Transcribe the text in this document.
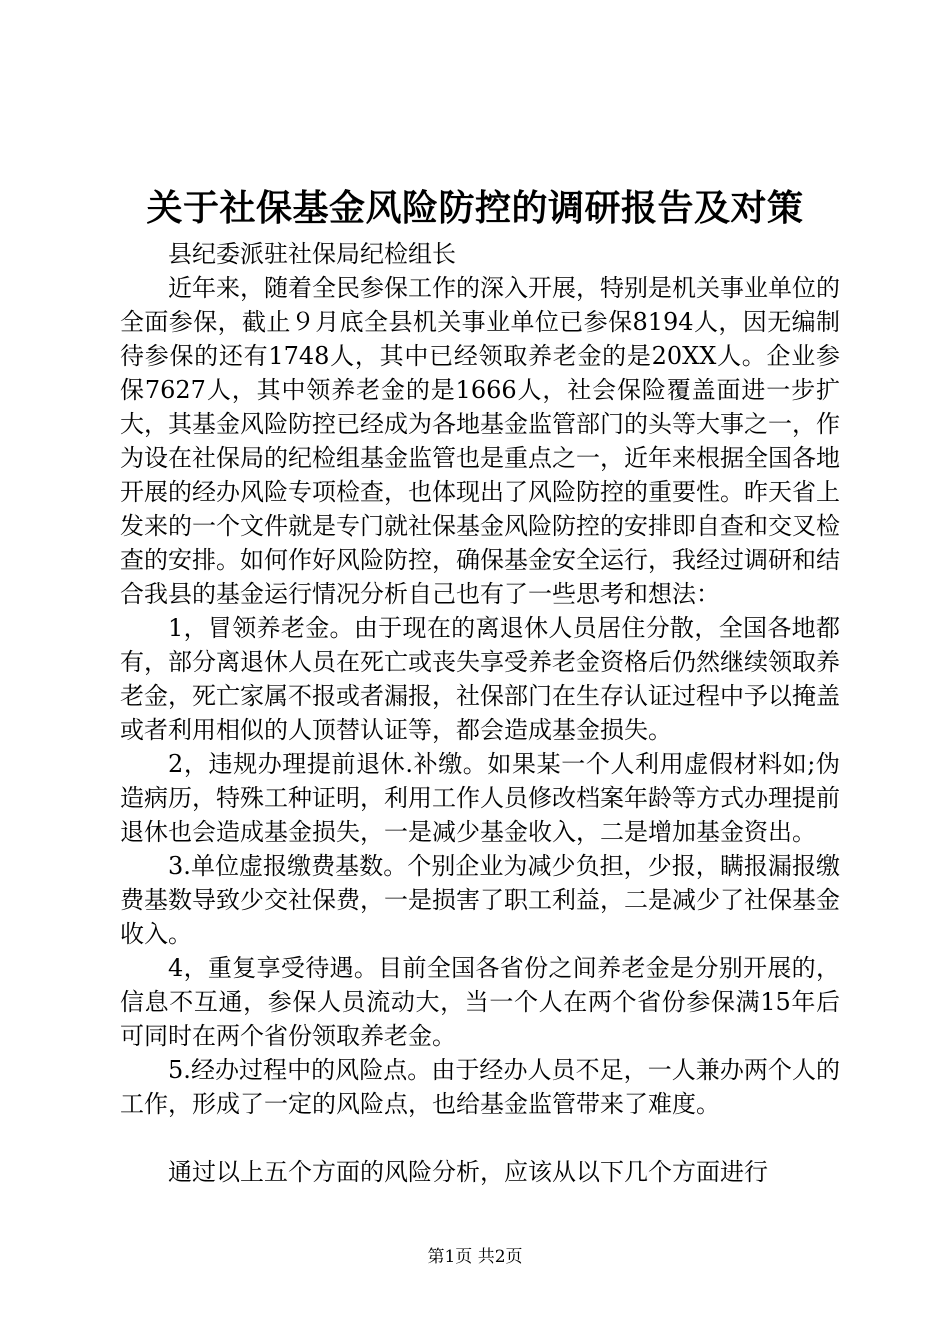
关于社保基金风险防控的调研报告及对策

县纪委派驻社保局纪检组长

近年来，随着全民参保工作的深入开展，特别是机关事业单位的全面参保，截止９月底全县机关事业单位已参保8194人，因无编制待参保的还有1748人，其中已经领取养老金的是20XX人。企业参保7627人，其中领养老金的是1666人，社会保险覆盖面进一步扩大，其基金风险防控已经成为各地基金监管部门的头等大事之一，作为设在社保局的纪检组基金监管也是重点之一，近年来根据全国各地开展的经办风险专项检查，也体现出了风险防控的重要性。昨天省上发来的一个文件就是专门就社保基金风险防控的安排即自查和交叉检查的安排。如何作好风险防控，确保基金安全运行，我经过调研和结合我县的基金运行情况分析自己也有了一些思考和想法：

1，冒领养老金。由于现在的离退休人员居住分散，全国各地都有，部分离退休人员在死亡或丧失享受养老金资格后仍然继续领取养老金，死亡家属不报或者漏报，社保部门在生存认证过程中予以掩盖或者利用相似的人顶替认证等，都会造成基金损失。

2，违规办理提前退休.补缴。如果某一个人利用虚假材料如;伪造病历，特殊工种证明，利用工作人员修改档案年龄等方式办理提前退休也会造成基金损失，一是减少基金收入，二是增加基金资出。

3.单位虚报缴费基数。个别企业为减少负担，少报，瞒报漏报缴费基数导致少交社保费，一是损害了职工利益，二是减少了社保基金收入。

4，重复享受待遇。目前全国各省份之间养老金是分别开展的，信息不互通，参保人员流动大，当一个人在两个省份参保满15年后可同时在两个省份领取养老金。

5.经办过程中的风险点。由于经办人员不足，一人兼办两个人的工作，形成了一定的风险点，也给基金监管带来了难度。

通过以上五个方面的风险分析，应该从以下几个方面进行

第1页 共2页
